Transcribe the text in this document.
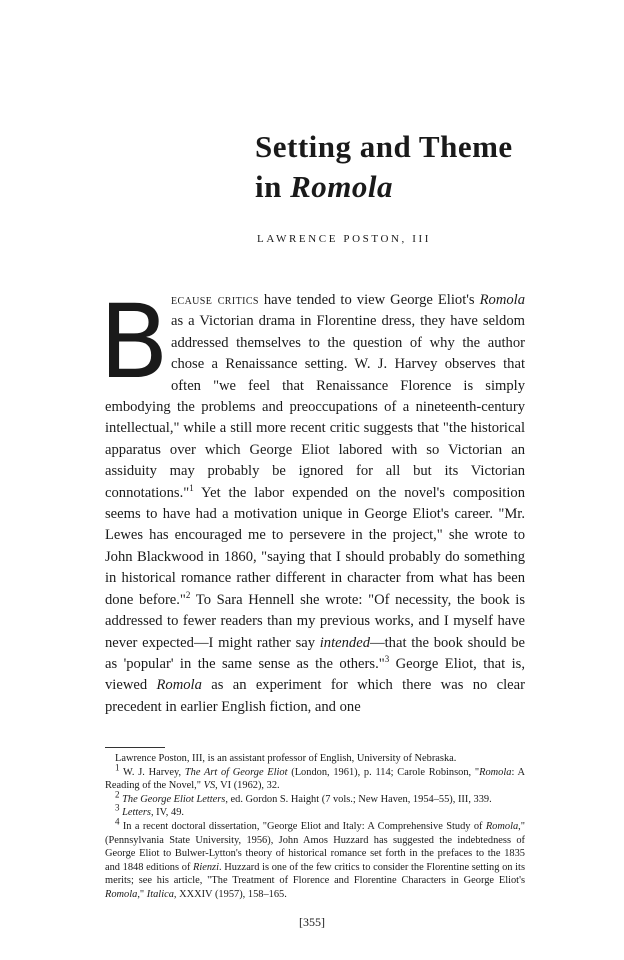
Setting and Theme
in Romola

LAWRENCE POSTON, III

Because critics have tended to view George Eliot's Romola as a Victorian drama in Florentine dress, they have seldom addressed themselves to the question of why the author chose a Renaissance setting. W. J. Harvey observes that often "we feel that Renaissance Florence is simply embodying the problems and preoccupations of a nineteenth-century intellectual," while a still more recent critic suggests that "the historical apparatus over which George Eliot labored with so Victorian an assiduity may probably be ignored for all but its Victorian connotations."$^1$ Yet the labor expended on the novel's composition seems to have had a motivation unique in George Eliot's career. "Mr. Lewes has encouraged me to persevere in the project," she wrote to John Blackwood in 1860, "saying that I should probably do something in historical romance rather different in character from what has been done before."$^2$ To Sara Hennell she wrote: "Of necessity, the book is addressed to fewer readers than my previous works, and I myself have never expected—I might rather say intended—that the book should be as 'popular' in the same sense as the others."$^3$ George Eliot, that is, viewed Romola as an experiment for which there was no clear precedent in earlier English fiction, and one

Lawrence Poston, III, is an assistant professor of English, University of Nebraska.

$^1$ W. J. Harvey, The Art of George Eliot (London, 1961), p. 114; Carole Robinson, "Romola: A Reading of the Novel," VS, VI (1962), 32.

$^2$ The George Eliot Letters, ed. Gordon S. Haight (7 vols.; New Haven, 1954–55), III, 339.

$^3$ Letters, IV, 49.

$^4$ In a recent doctoral dissertation, "George Eliot and Italy: A Comprehensive Study of Romola," (Pennsylvania State University, 1956), John Amos Huzzard has suggested the indebtedness of George Eliot to Bulwer-Lytton's theory of historical romance set forth in the prefaces to the 1835 and 1848 editions of Rienzi. Huzzard is one of the few critics to consider the Florentine setting on its merits; see his article, "The Treatment of Florence and Florentine Characters in George Eliot's Romola," Italica, XXXIV (1957), 158–165.

[355]
